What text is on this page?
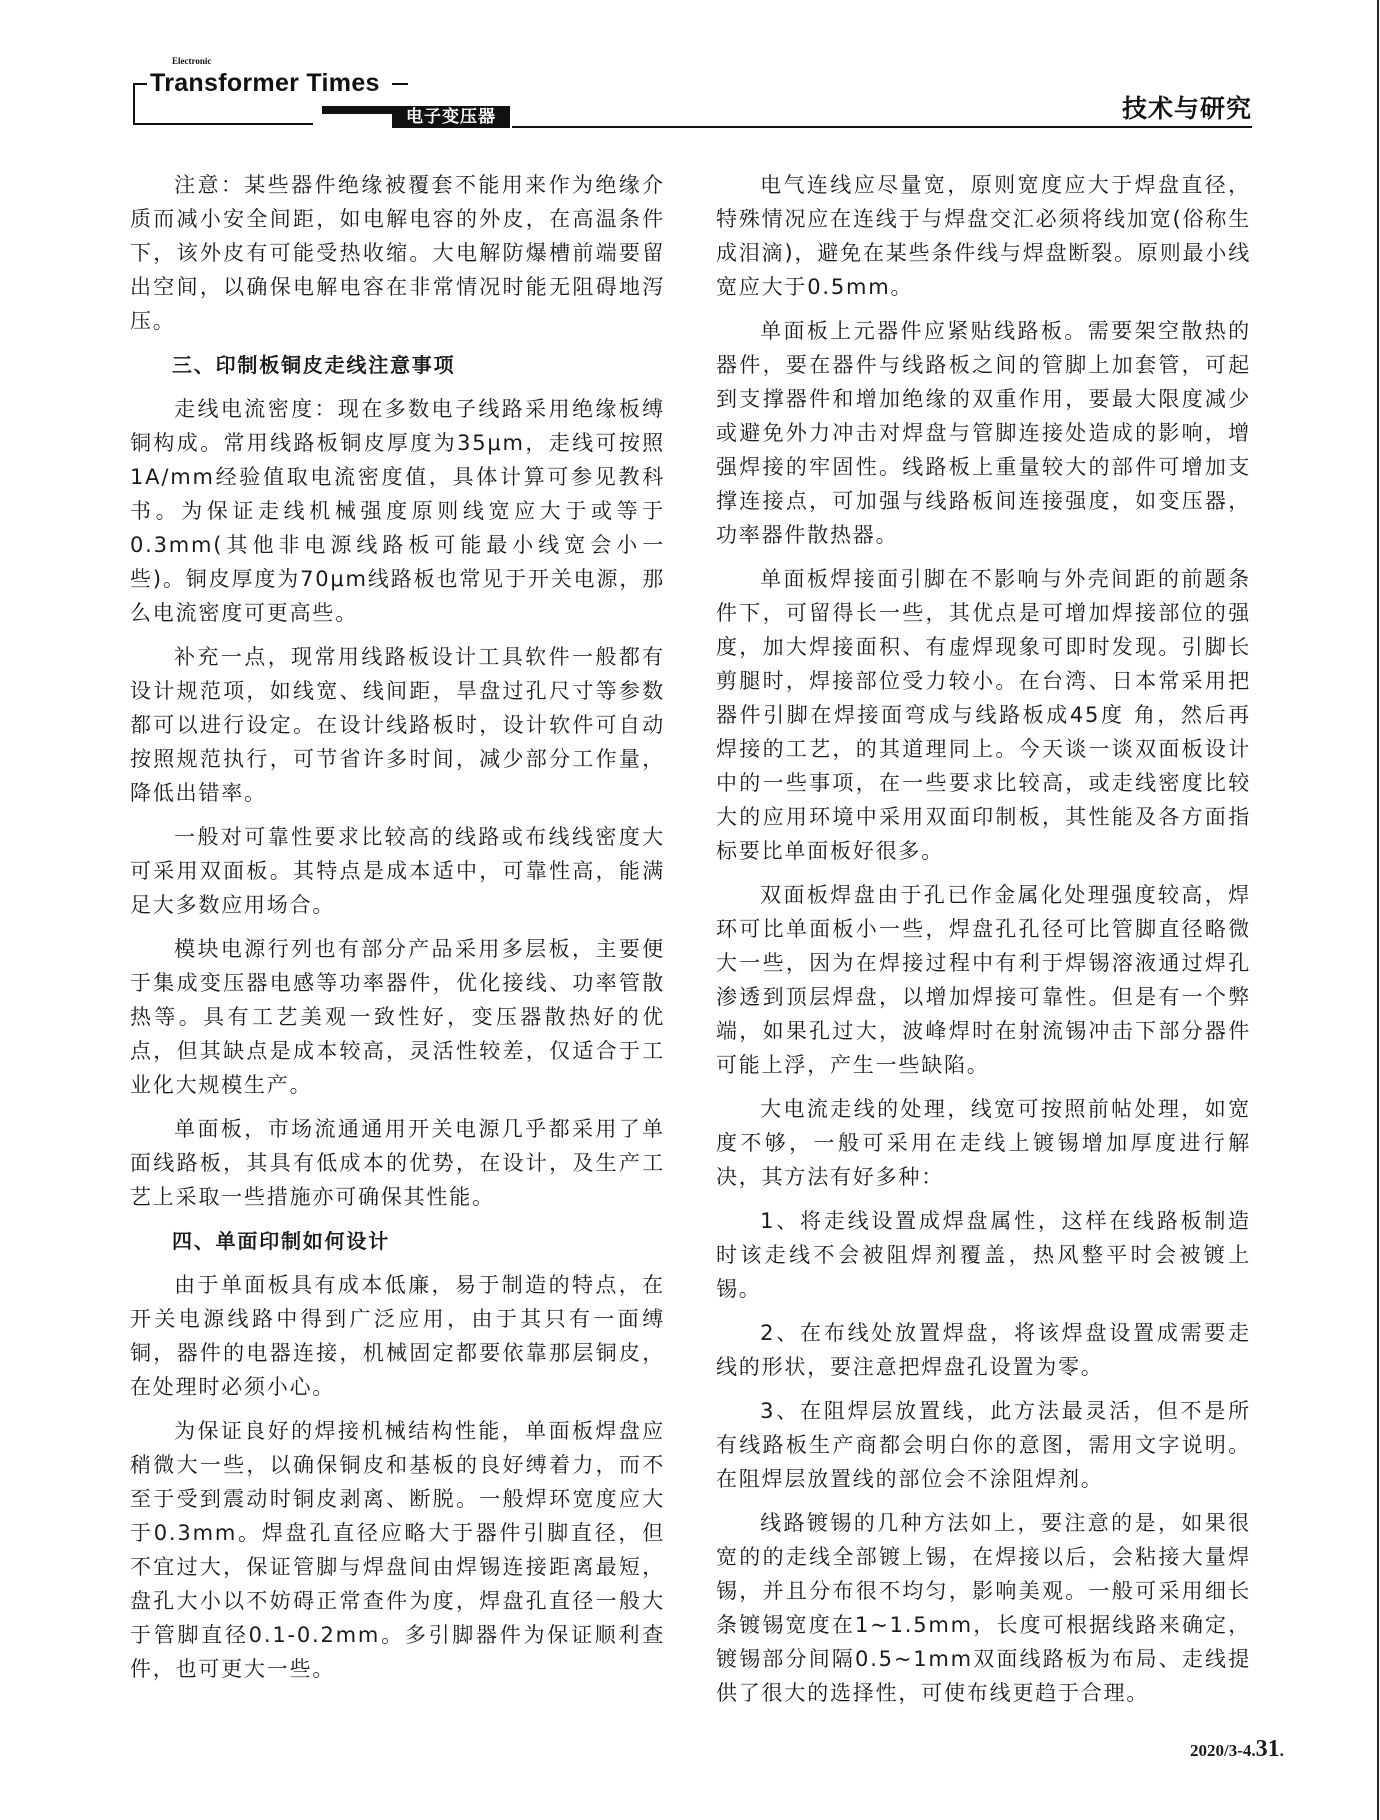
Electronic
Transformer Times
电子变压器	技术与研究

注意：某些器件绝缘被覆套不能用来作为绝缘介质而减小安全间距，如电解电容的外皮，在高温条件下，该外皮有可能受热收缩。大电解防爆槽前端要留出空间，以确保电解电容在非常情况时能无阻碍地泻压。

三、印制板铜皮走线注意事项

走线电流密度：现在多数电子线路采用绝缘板缚铜构成。常用线路板铜皮厚度为35μm，走线可按照1A/mm经验值取电流密度值，具体计算可参见教科书。为保证走线机械强度原则线宽应大于或等于0.3mm(其他非电源线路板可能最小线宽会小一些)。铜皮厚度为70μm线路板也常见于开关电源，那么电流密度可更高些。

补充一点，现常用线路板设计工具软件一般都有设计规范项，如线宽、线间距，旱盘过孔尺寸等参数都可以进行设定。在设计线路板时，设计软件可自动按照规范执行，可节省许多时间，减少部分工作量，降低出错率。

一般对可靠性要求比较高的线路或布线线密度大可采用双面板。其特点是成本适中，可靠性高，能满足大多数应用场合。

模块电源行列也有部分产品采用多层板，主要便于集成变压器电感等功率器件，优化接线、功率管散热等。具有工艺美观一致性好，变压器散热好的优点，但其缺点是成本较高，灵活性较差，仅适合于工业化大规模生产。

单面板，市场流通通用开关电源几乎都采用了单面线路板，其具有低成本的优势，在设计，及生产工艺上采取一些措施亦可确保其性能。

四、单面印制如何设计

由于单面板具有成本低廉，易于制造的特点，在开关电源线路中得到广泛应用，由于其只有一面缚铜，器件的电器连接，机械固定都要依靠那层铜皮，在处理时必须小心。

为保证良好的焊接机械结构性能，单面板焊盘应稍微大一些，以确保铜皮和基板的良好缚着力，而不至于受到震动时铜皮剥离、断脱。一般焊环宽度应大于0.3mm。焊盘孔直径应略大于器件引脚直径，但不宜过大，保证管脚与焊盘间由焊锡连接距离最短，盘孔大小以不妨碍正常查件为度，焊盘孔直径一般大于管脚直径0.1-0.2mm。多引脚器件为保证顺利查件，也可更大一些。

电气连线应尽量宽，原则宽度应大于焊盘直径，特殊情况应在连线于与焊盘交汇必须将线加宽(俗称生成泪滴)，避免在某些条件线与焊盘断裂。原则最小线宽应大于0.5mm。

单面板上元器件应紧贴线路板。需要架空散热的器件，要在器件与线路板之间的管脚上加套管，可起到支撑器件和增加绝缘的双重作用，要最大限度减少或避免外力冲击对焊盘与管脚连接处造成的影响，增强焊接的牢固性。线路板上重量较大的部件可增加支撑连接点，可加强与线路板间连接强度，如变压器，功率器件散热器。

单面板焊接面引脚在不影响与外壳间距的前题条件下，可留得长一些，其优点是可增加焊接部位的强度，加大焊接面积、有虚焊现象可即时发现。引脚长剪腿时，焊接部位受力较小。在台湾、日本常采用把器件引脚在焊接面弯成与线路板成45度 角，然后再焊接的工艺，的其道理同上。今天谈一谈双面板设计中的一些事项，在一些要求比较高，或走线密度比较大的应用环境中采用双面印制板，其性能及各方面指标要比单面板好很多。

双面板焊盘由于孔已作金属化处理强度较高，焊环可比单面板小一些，焊盘孔孔径可比管脚直径略微大一些，因为在焊接过程中有利于焊锡溶液通过焊孔渗透到顶层焊盘，以增加焊接可靠性。但是有一个弊端，如果孔过大，波峰焊时在射流锡冲击下部分器件可能上浮，产生一些缺陷。

大电流走线的处理，线宽可按照前帖处理，如宽度不够，一般可采用在走线上镀锡增加厚度进行解决，其方法有好多种：

1、将走线设置成焊盘属性，这样在线路板制造时该走线不会被阻焊剂覆盖，热风整平时会被镀上锡。

2、在布线处放置焊盘，将该焊盘设置成需要走线的形状，要注意把焊盘孔设置为零。

3、在阻焊层放置线，此方法最灵活，但不是所有线路板生产商都会明白你的意图，需用文字说明。在阻焊层放置线的部位会不涂阻焊剂。

线路镀锡的几种方法如上，要注意的是，如果很宽的的走线全部镀上锡，在焊接以后，会粘接大量焊锡，并且分布很不均匀，影响美观。一般可采用细长条镀锡宽度在1~1.5mm，长度可根据线路来确定，镀锡部分间隔0.5~1mm双面线路板为布局、走线提供了很大的选择性，可使布线更趋于合理。

2020/3-4.31.
